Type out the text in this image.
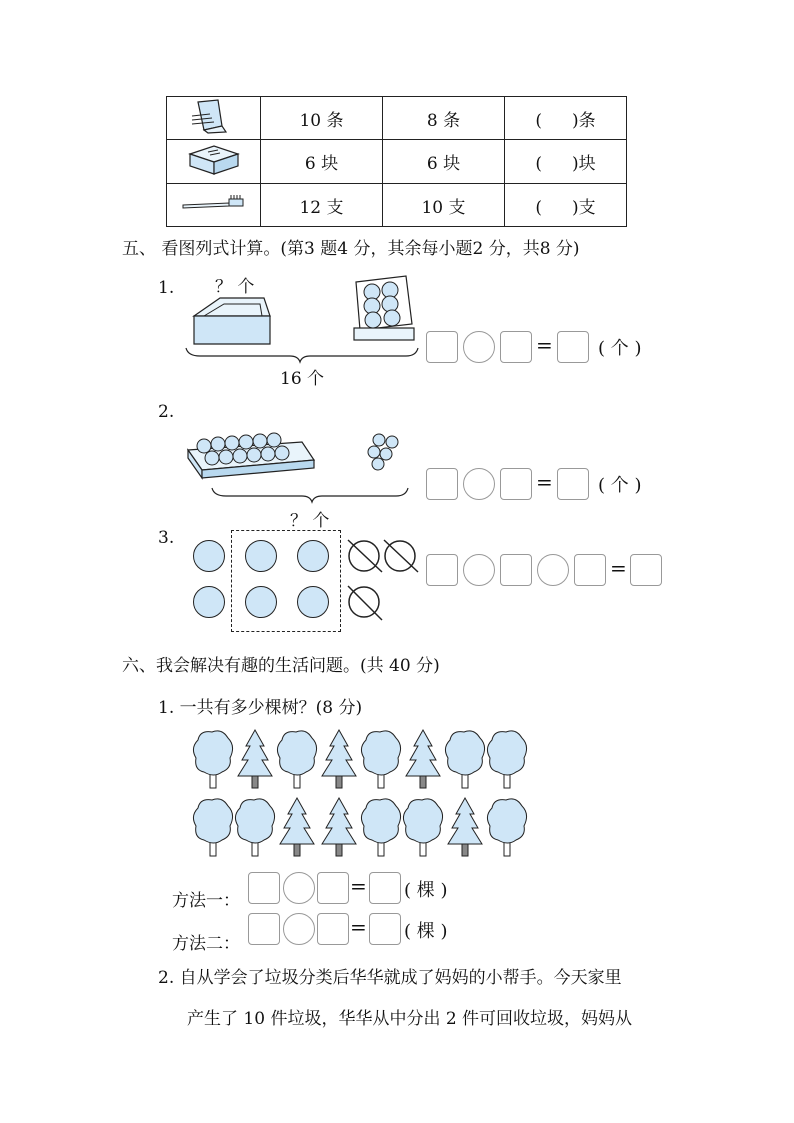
	10 条	8 条	( )条
	6 块	6 块	( )块
	12 支	10 支	( )支
五、 看图列式计算。(第3 题4 分，其余每小题2 分，共8 分)
1. ？ 个
16 个
=	( 个 )
2.
=	( 个 )
？ 个
3.
=
六、我会解决有趣的生活问题。(共 40 分)
1. 一共有多少棵树？(8 分)
方法一：
= ( 棵 )
方法二：
= ( 棵 )
2. 自从学会了垃圾分类后华华就成了妈妈的小帮手。今天家里
产生了 10 件垃圾，华华从中分出 2 件可回收垃圾，妈妈从
